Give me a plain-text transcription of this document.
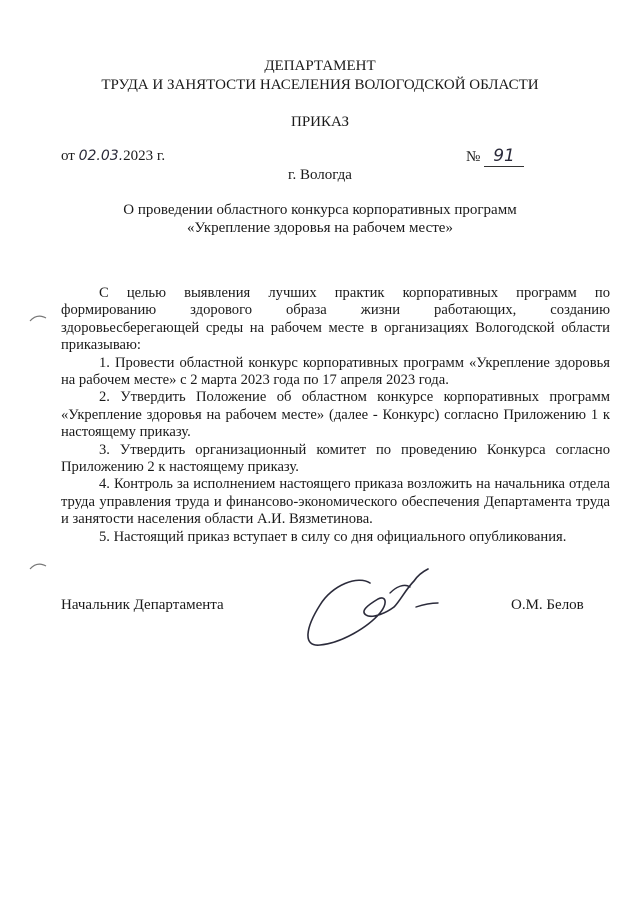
ДЕПАРТАМЕНТ
ТРУДА И ЗАНЯТОСТИ НАСЕЛЕНИЯ ВОЛОГОДСКОЙ ОБЛАСТИ
ПРИКАЗ
от 02.03.2023 г.	№ 91
г. Вологда
О проведении областного конкурса корпоративных программ
«Укрепление здоровья на рабочем месте»

С целью выявления лучших практик корпоративных программ по

формированию здорового образа жизни работающих, созданию

здоровьесберегающей среды на рабочем месте в организациях Вологодской области

приказываю:

1. Провести областной конкурс корпоративных программ «Укрепление здоровья на рабочем месте» с 2 марта 2023 года по 17 апреля 2023 года.

2. Утвердить Положение об областном конкурсе корпоративных программ «Укрепление здоровья на рабочем месте» (далее - Конкурс) согласно Приложению 1 к настоящему приказу.

3. Утвердить организационный комитет по проведению Конкурса согласно Приложению 2 к настоящему приказу.

4. Контроль за исполнением настоящего приказа возложить на начальника отдела труда управления труда и финансово-экономического обеспечения Департамента труда и занятости населения области А.И. Вязметинова.

5. Настоящий приказ вступает в силу со дня официального опубликования.

Начальник Департамента	О.М. Белов
